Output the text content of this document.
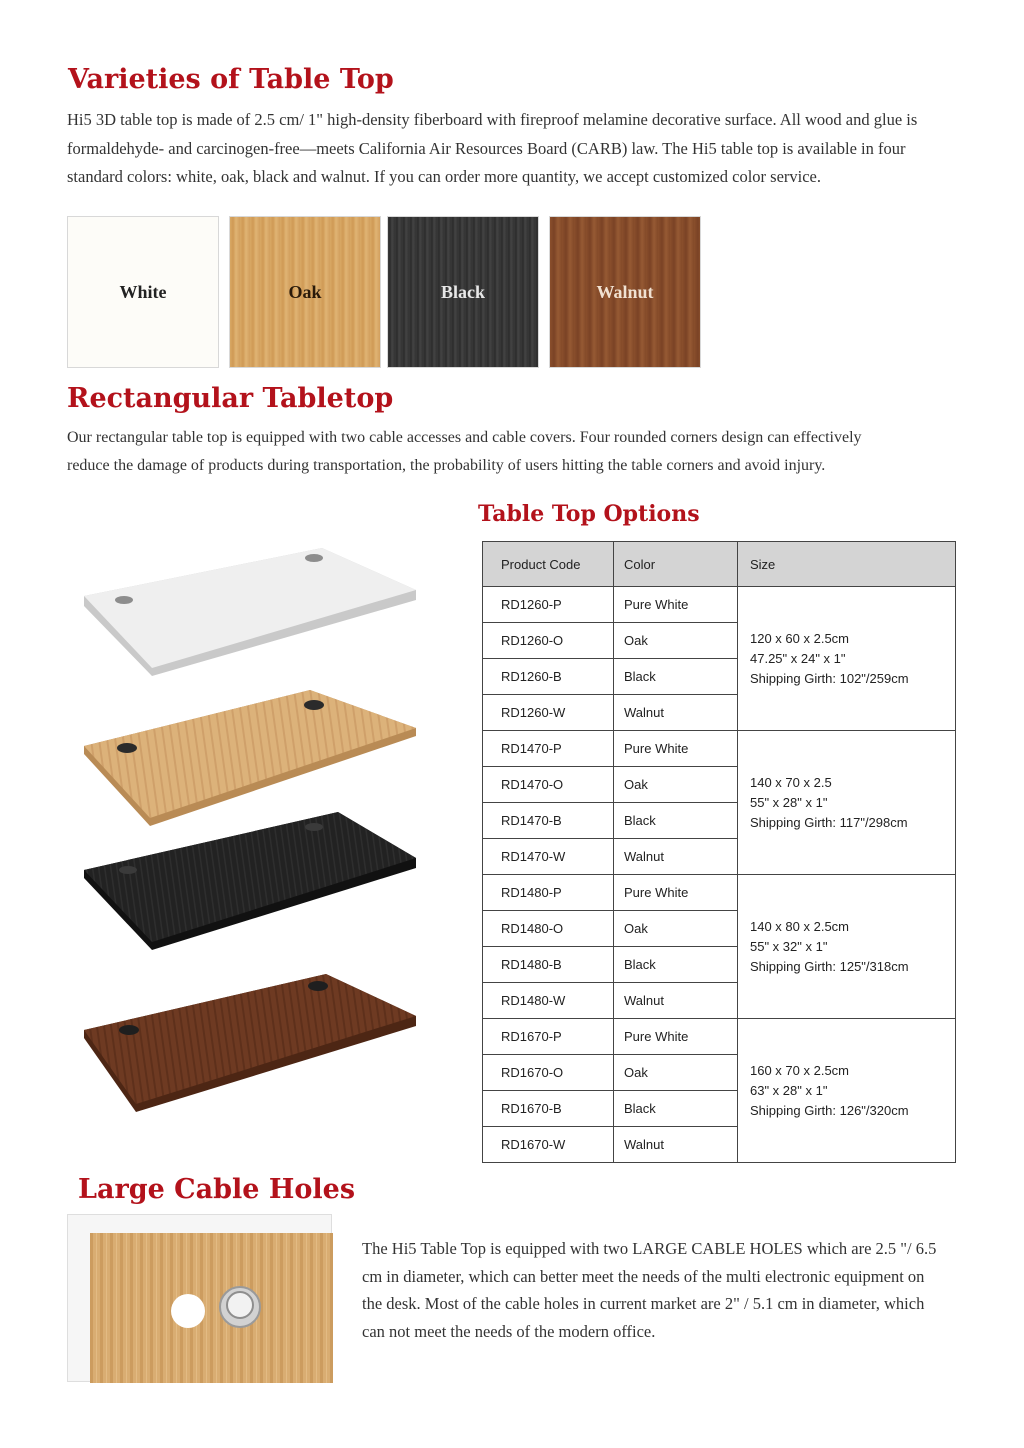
Varieties of Table Top
Hi5 3D table top is made of 2.5 cm/ 1" high-density fiberboard with fireproof melamine decorative surface. All wood and glue is
formaldehyde- and carcinogen-free—meets California Air Resources Board (CARB) law. The Hi5 table top is available in four
standard colors: white, oak, black and walnut. If you can order more quantity, we accept customized color service.
White	Oak	Black	Walnut
Rectangular Tabletop
Our rectangular table top is equipped with two cable accesses and cable covers. Four rounded corners design can effectively
reduce the damage of products during transportation, the probability of users hitting the table corners and avoid injury.
Table Top Options
Product Code	Color	Size
RD1260-P	Pure White	120 x 60 x 2.5cm
47.25" x 24" x 1"
Shipping Girth: 102"/259cm

RD1260-O	Oak	
RD1260-B	Black	
RD1260-W	Walnut	
RD1470-P	Pure White	140 x 70 x 2.5
55" x 28" x 1"
Shipping Girth: 117"/298cm

RD1470-O	Oak	
RD1470-B	Black	
RD1470-W	Walnut	
RD1480-P	Pure White	140 x 80 x 2.5cm
55" x 32" x 1"
Shipping Girth: 125"/318cm

RD1480-O	Oak	
RD1480-B	Black	
RD1480-W	Walnut	
RD1670-P	Pure White	160 x 70 x 2.5cm
63" x 28" x 1"
Shipping Girth: 126"/320cm

RD1670-O	Oak	
RD1670-B	Black	
RD1670-W	Walnut	
Large Cable Holes
The Hi5 Table Top is equipped with two LARGE CABLE HOLES which are 2.5 "/ 6.5
cm in diameter, which can better meet the needs of the multi electronic equipment on
the desk. Most of the cable holes in current market are 2" / 5.1 cm in diameter, which
can not meet the needs of the modern office.
